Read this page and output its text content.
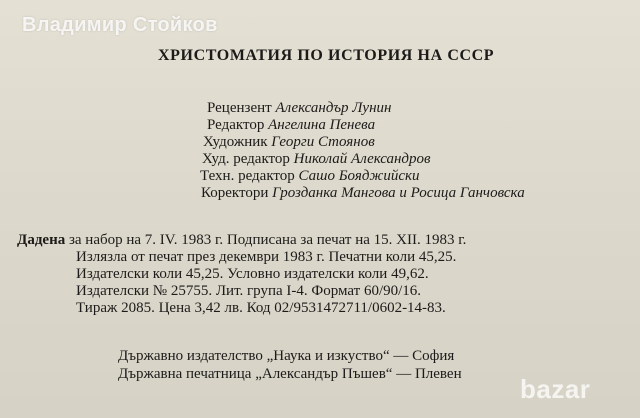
Владимир Стойков
ХРИСТОМАТИЯ ПО ИСТОРИЯ НА СССР
Рецензент Александър Лунин
Редактор Ангелина Пенева
Художник Георги Стоянов
Худ. редактор Николай Александров
Техн. редактор Сашо Бояджийски
Коректори Грозданка Мангова и Росица Ганчовска
Дадена за набор на 7. IV. 1983 г. Подписана за печат на 15. XII. 1983 г.
Излязла от печат през декември 1983 г. Печатни коли 45,25.
Издателски коли 45,25. Условно издателски коли 49,62.
Издателски № 25755. Лит. група I-4. Формат 60/90/16.
Тираж 2085. Цена 3,42 лв. Код 02/9531472711/0602-14-83.
Държавно издателство „Наука и изкуство“ — София
Държавна печатница „Александър Пъшев“ — Плевен bazar
